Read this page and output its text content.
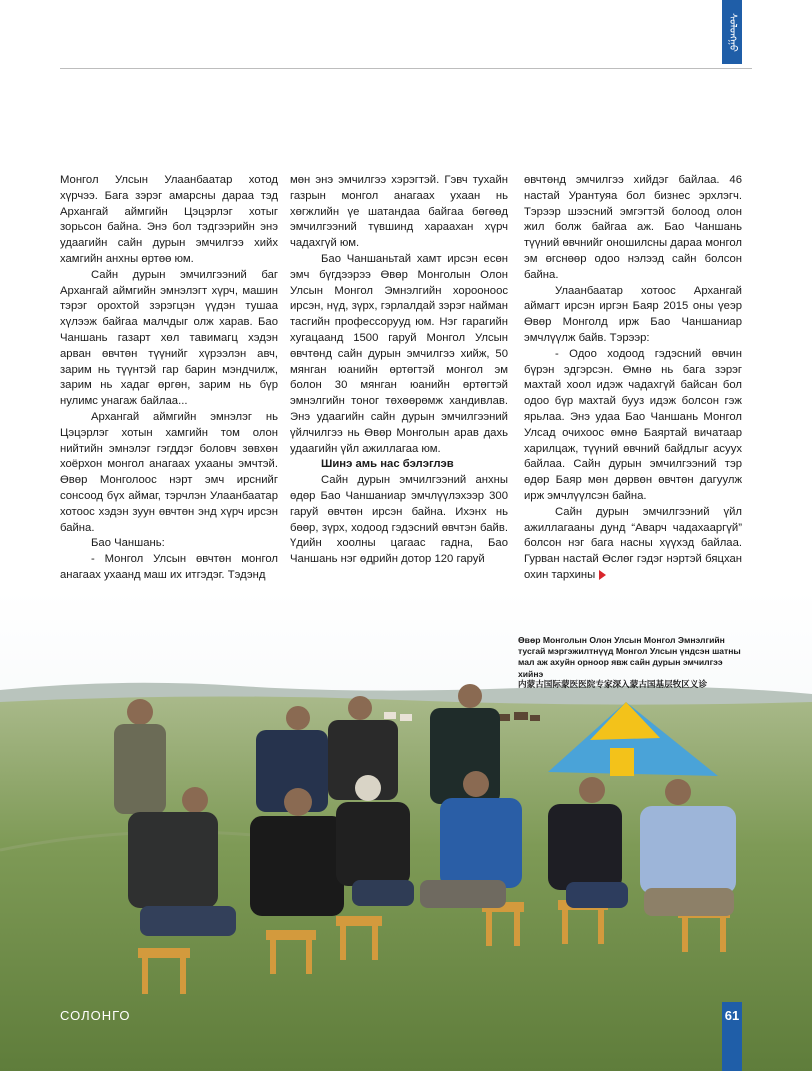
ᠰᠣᠯᠣᠩᠭᠣ

Монгол Улсын Улаанбаатар хотод хүрчээ. Бага зэрэг амарсны дараа тэд Архангай аймгийн Цэцэрлэг хотыг зорьсон байна. Энэ бол тэдгээрийн энэ удаагийн сайн дурын эмчилгээ хийх хамгийн анхны өртөө юм.

Сайн дурын эмчилгээний баг Архангай аймгийн эмнэлэгт хүрч, машин тэрэг орохтой зэрэгцэн үүдэн тушаа хүлээж байгаа малчдыг олж харав. Бао Чаншань газарт хөл тавимагц хэдэн арван өвчтөн түүнийг хүрээлэн авч, зарим нь түүнтэй гар барин мэндчилж, зарим нь хадаг өргөн, зарим нь бүр нулимс унагаж байлаа...

Архангай аймгийн эмнэлэг нь Цэцэрлэг хотын хамгийн том олон нийтийн эмнэлэг гэгддэг боловч зөвхөн хоёрхон монгол анагаах ухааны эмчтэй. Өвөр Монголоос нэрт эмч ирснийг сонсоод бүх аймаг, тэрчлэн Улаанбаатар хотоос хэдэн зуун өвчтөн энд хүрч ирсэн байна.

Бао Чаншань:

- Монгол Улсын өвчтөн монгол анагаах ухаанд маш их итгэдэг. Тэдэнд

мөн энэ эмчилгээ хэрэгтэй. Гэвч тухайн газрын монгол анагаах ухаан нь хөгжлийн үе шатандаа байгаа бөгөөд эмчилгээний түвшинд хараахан хүрч чадахгүй юм.

Бао Чаншаньтай хамт ирсэн есөн эмч бүгдээрээ Өвөр Монголын Олон Улсын Монгол Эмнэлгийн хорооноос ирсэн, нүд, зүрх, гэрлалдай зэрэг найман тасгийн профессорууд юм. Нэг гарагийн хугацаанд 1500 гаруй Монгол Улсын өвчтөнд сайн дурын эмчилгээ хийж, 50 мянган юанийн өртөгтэй монгол эм болон 30 мянган юанийн өртөгтэй эмнэлгийн тоног төхөөрөмж хандивлав. Энэ удаагийн сайн дурын эмчилгээний үйлчилгээ нь Өвөр Монголын арав дахь удаагийн үйл ажиллагаа юм.

Шинэ амь нас бэлэглэв

Сайн дурын эмчилгээний анхны өдөр Бао Чаншаниар эмчлүүлэхээр 300 гаруй өвчтөн ирсэн байна. Ихэнх нь бөөр, зүрх, ходоод гэдэсний өвчтэн байв. Үдийн хоолны цагаас гадна, Бао Чаншань нэг өдрийн дотор 120 гаруй

өвчтөнд эмчилгээ хийдэг байлаа. 46 настай Урантуяа бол бизнес эрхлэгч. Тэрээр шээсний эмгэгтэй болоод олон жил болж байгаа аж. Бао Чаншань түүний өвчнийг оношилсны дараа монгол эм өгснөөр одоо нэлээд сайн болсон байна.

Улаанбаатар хотоос Архангай аймагт ирсэн иргэн Баяр 2015 оны үеэр Өвөр Монголд ирж Бао Чаншаниар эмчлүүлж байв. Тэрээр:

- Одоо ходоод гэдэсний өвчин бүрэн эдгэрсэн. Өмнө нь бага зэрэг махтай хоол идэж чадахгүй байсан бол одоо бүр махтай бууз идэж болсон гэж ярьлаа. Энэ удаа Бао Чаншань Монгол Улсад очихоос өмнө Баяртай вичатаар харилцаж, түүний өвчний байдлыг асуух байлаа. Сайн дурын эмчилгээний тэр өдөр Баяр мөн дөрвөн өвчтөн дагуулж ирж эмчлүүлсэн байна.

Сайн дурын эмчилгээний үйл ажиллагааны дунд “Аварч чадахааргүй” болсон нэг бага насны хүүхэд байлаа. Гурван настай Өслөг гэдэг нэртэй бяцхан охин тархины

Өвөр Монголын Олон Улсын Монгол Эмнэлгийн тусгай мэргэжилтнүүд Монгол Улсын үндсэн шатны мал аж ахуйн орноор явж сайн дурын эмчилгээ хийнэ
内蒙古国际蒙医医院专家深入蒙古国基层牧区义诊
СОЛОНГО	61
